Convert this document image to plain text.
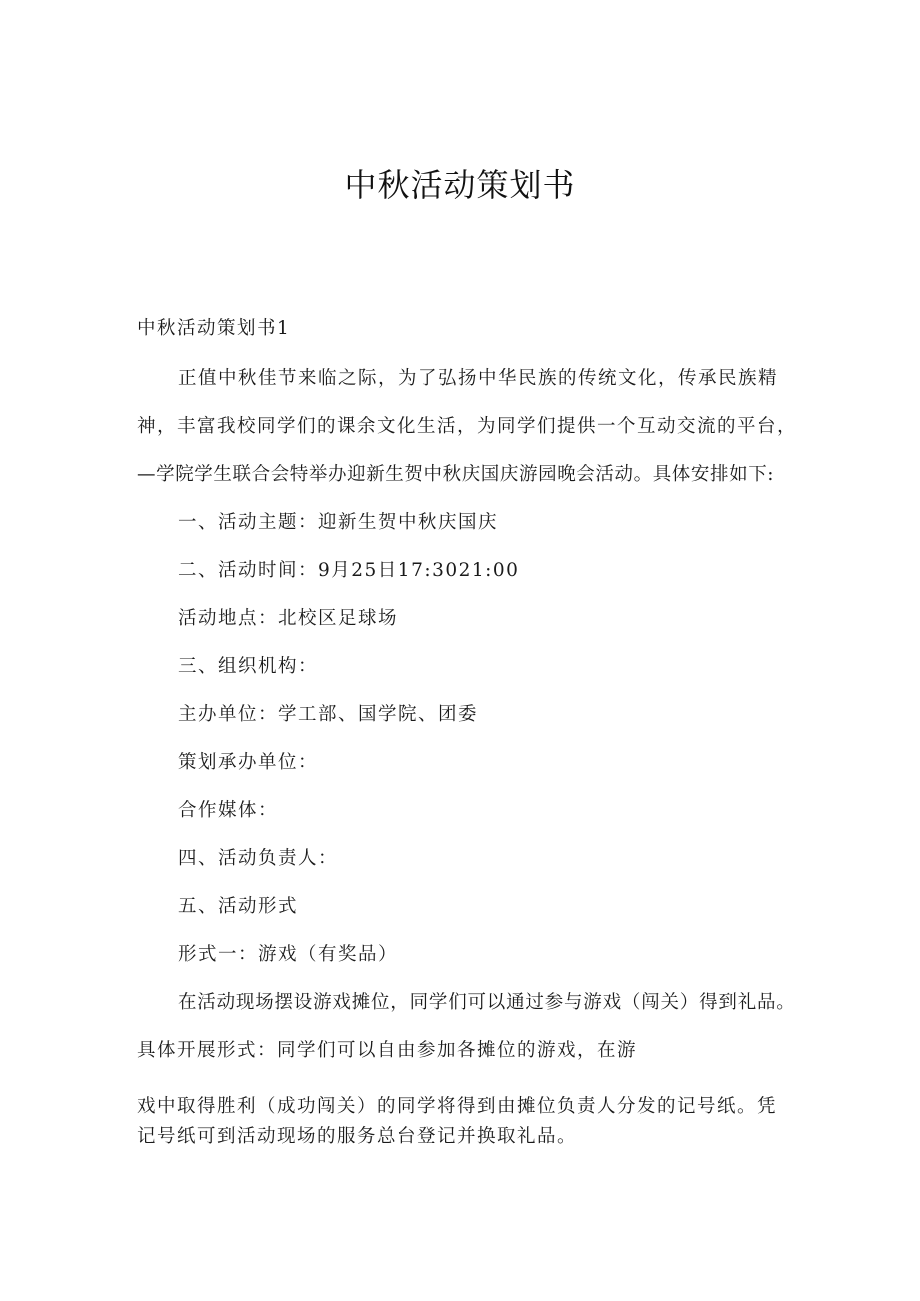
中秋活动策划书
中秋活动策划书1
正值中秋佳节来临之际，为了弘扬中华民族的传统文化，传承民族精
神，丰富我校同学们的课余文化生活，为同学们提供一个互动交流的平台，
—学院学生联合会特举办迎新生贺中秋庆国庆游园晚会活动。具体安排如下:
一、活动主题：迎新生贺中秋庆国庆
二、活动时间：9月25日17:3021:00
活动地点：北校区足球场
三、组织机构：
主办单位：学工部、国学院、团委
策划承办单位：
合作媒体：
四、活动负责人：
五、活动形式
形式一：游戏（有奖品）
在活动现场摆设游戏摊位，同学们可以通过参与游戏（闯关）得到礼品。
具体开展形式：同学们可以自由参加各摊位的游戏，在游
戏中取得胜利（成功闯关）的同学将得到由摊位负责人分发的记号纸。凭
记号纸可到活动现场的服务总台登记并换取礼品。
